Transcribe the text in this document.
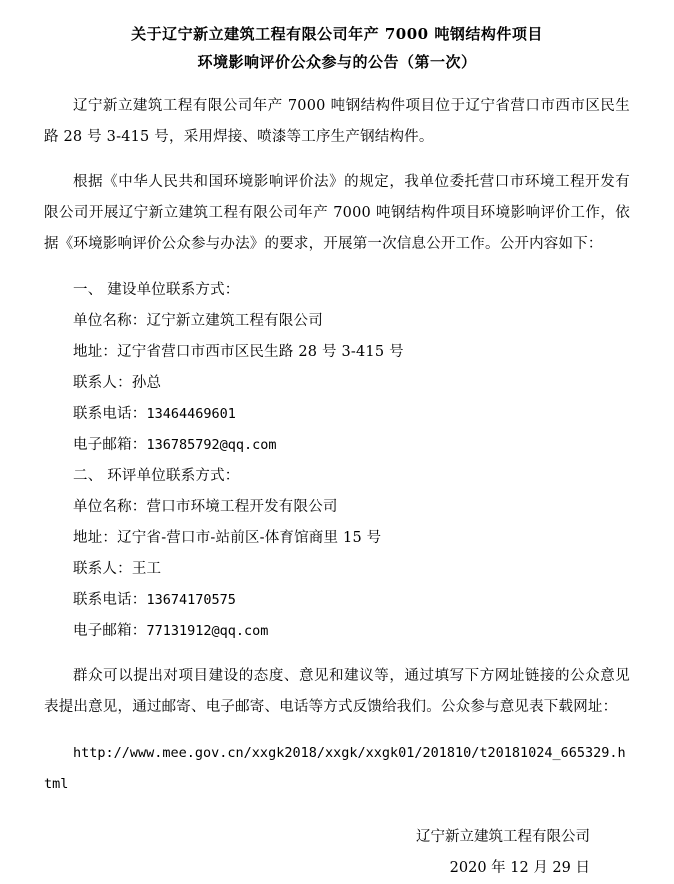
关于辽宁新立建筑工程有限公司年产 7000 吨钢结构件项目
环境影响评价公众参与的公告（第一次）

辽宁新立建筑工程有限公司年产 7000 吨钢结构件项目位于辽宁省营口市西市区民生路 28 号 3-415 号，采用焊接、喷漆等工序生产钢结构件。

根据《中华人民共和国环境影响评价法》的规定，我单位委托营口市环境工程开发有限公司开展辽宁新立建筑工程有限公司年产 7000 吨钢结构件项目环境影响评价工作，依据《环境影响评价公众参与办法》的要求，开展第一次信息公开工作。公开内容如下：

一、 建设单位联系方式：
单位名称：辽宁新立建筑工程有限公司
地址：辽宁省营口市西市区民生路 28 号 3-415 号
联系人：孙总
联系电话：13464469601
电子邮箱：136785792@qq.com
二、 环评单位联系方式：
单位名称：营口市环境工程开发有限公司
地址：辽宁省-营口市-站前区-体育馆商里 15 号
联系人：王工
联系电话：13674170575
电子邮箱：77131912@qq.com

群众可以提出对项目建设的态度、意见和建议等，通过填写下方网址链接的公众意见表提出意见，通过邮寄、电子邮寄、电话等方式反馈给我们。公众参与意见表下载网址：

http://www.mee.gov.cn/xxgk2018/xxgk/xxgk01/201810/t20181024_665329.html
辽宁新立建筑工程有限公司
2020 年 12 月 29 日
